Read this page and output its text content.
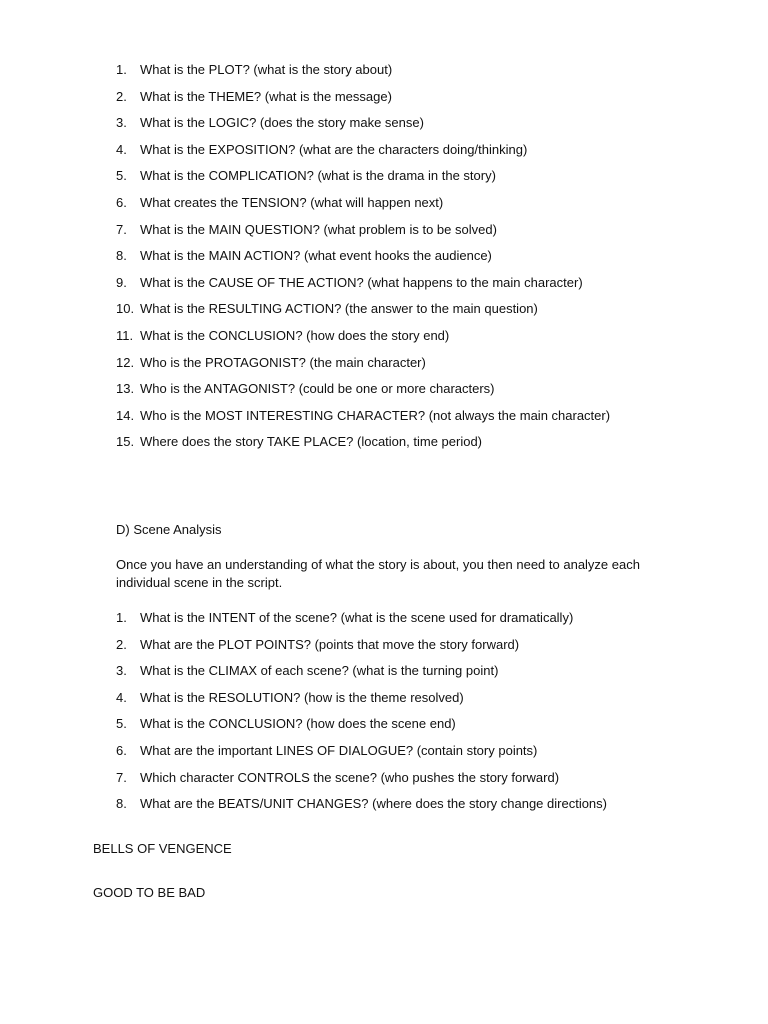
1. What is the PLOT? (what is the story about)
2. What is the THEME? (what is the message)
3. What is the LOGIC? (does the story make sense)
4. What is the EXPOSITION? (what are the characters doing/thinking)
5. What is the COMPLICATION? (what is the drama in the story)
6. What creates the TENSION? (what will happen next)
7. What is the MAIN QUESTION? (what problem is to be solved)
8. What is the MAIN ACTION? (what event hooks the audience)
9. What is the CAUSE OF THE ACTION? (what happens to the main character)
10. What is the RESULTING ACTION? (the answer to the main question)
11. What is the CONCLUSION? (how does the story end)
12. Who is the PROTAGONIST? (the main character)
13. Who is the ANTAGONIST? (could be one or more characters)
14. Who is the MOST INTERESTING CHARACTER? (not always the main character)
15. Where does the story TAKE PLACE? (location, time period)
D) Scene Analysis

Once you have an understanding of what the story is about, you then need to analyze each individual scene in the script.

1. What is the INTENT of the scene? (what is the scene used for dramatically)
2. What are the PLOT POINTS? (points that move the story forward)
3. What is the CLIMAX of each scene? (what is the turning point)
4. What is the RESOLUTION? (how is the theme resolved)
5. What is the CONCLUSION? (how does the scene end)
6. What are the important LINES OF DIALOGUE? (contain story points)
7. Which character CONTROLS the scene? (who pushes the story forward)
8. What are the BEATS/UNIT CHANGES? (where does the story change directions)
BELLS OF VENGENCE
GOOD TO BE BAD
